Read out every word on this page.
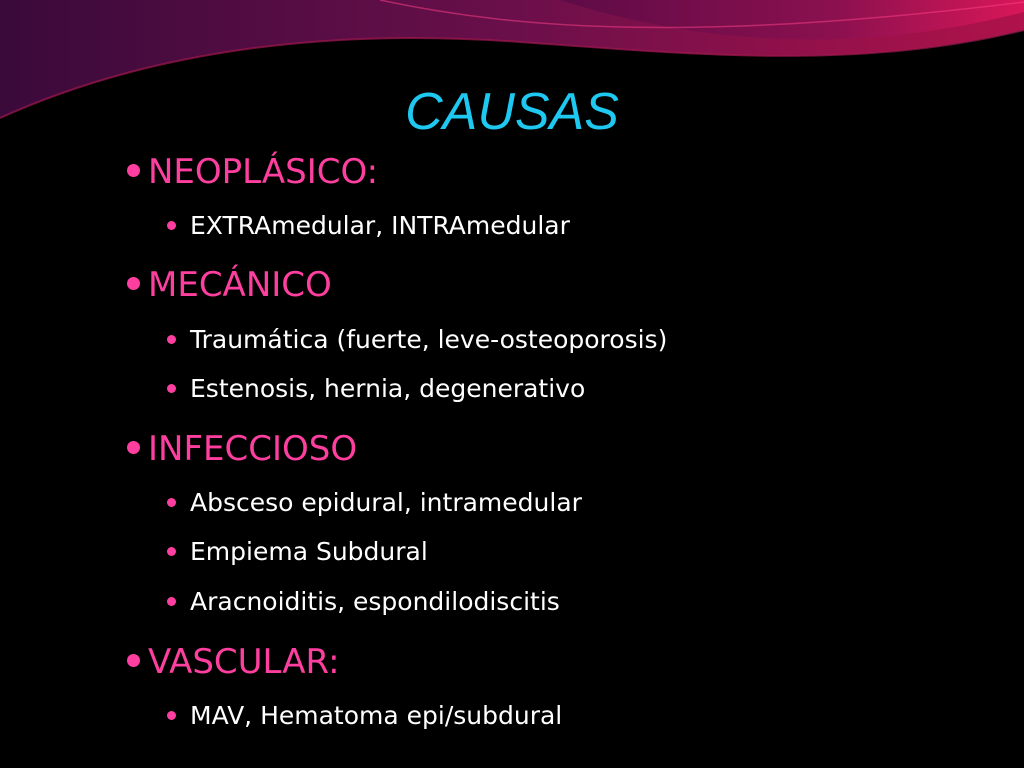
CAUSAS
NEOPLÁSICO:
EXTRAmedular, INTRAmedular
MECÁNICO
Traumática (fuerte, leve-osteoporosis)
Estenosis, hernia, degenerativo
INFECCIOSO
Absceso epidural, intramedular
Empiema Subdural
Aracnoiditis, espondilodiscitis
VASCULAR:
MAV, Hematoma epi/subdural
